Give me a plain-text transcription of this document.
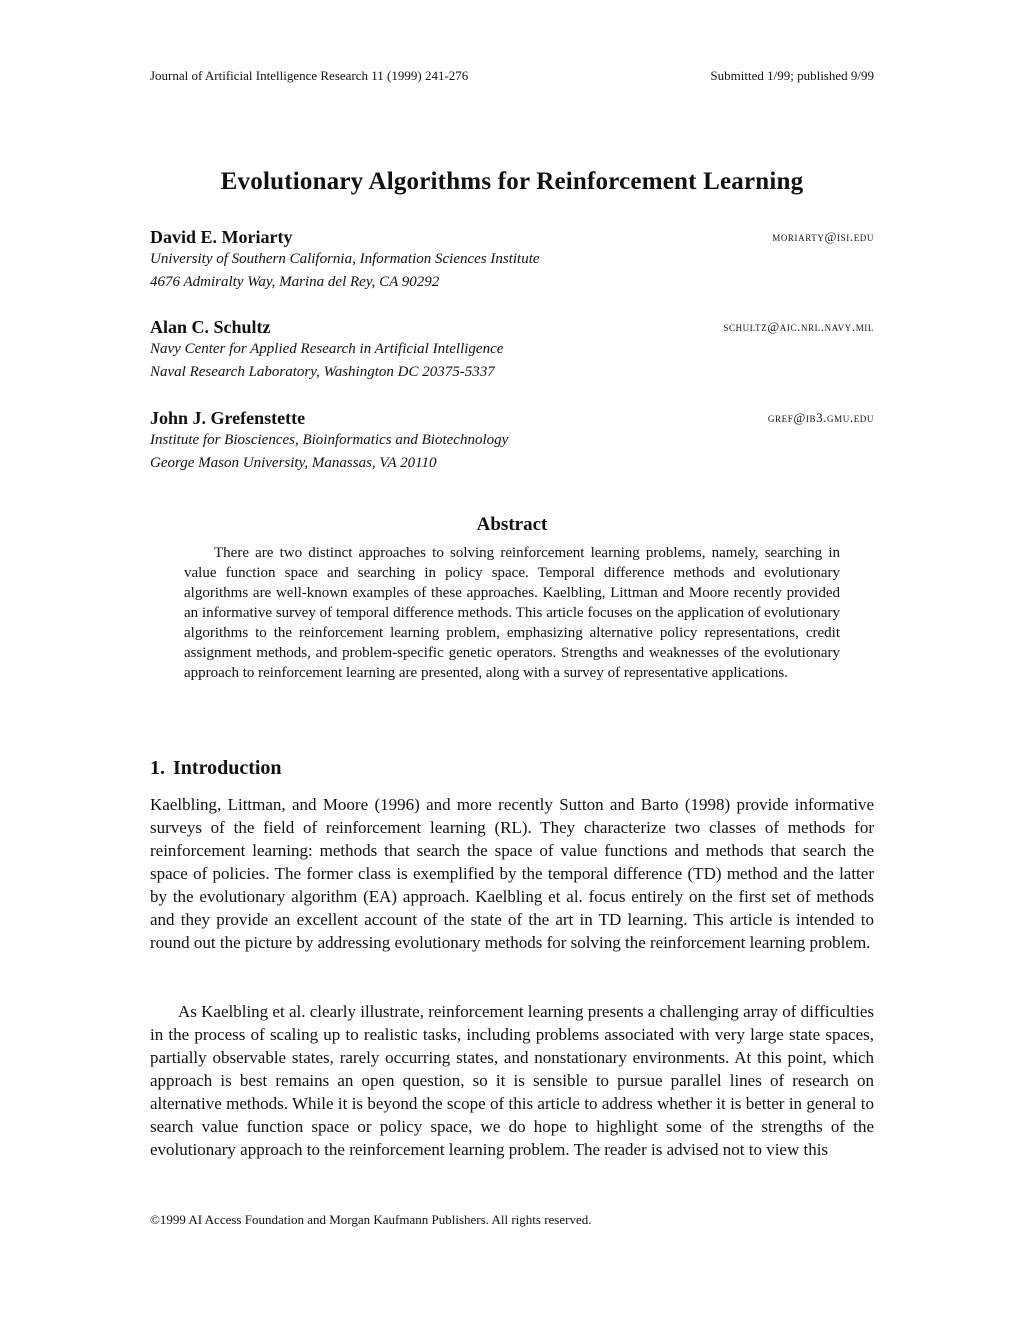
Journal of Artificial Intelligence Research 11 (1999) 241-276	Submitted 1/99; published 9/99
Evolutionary Algorithms for Reinforcement Learning
David E. Moriarty	moriarty@isi.edu
University of Southern California, Information Sciences Institute
4676 Admiralty Way, Marina del Rey, CA 90292
Alan C. Schultz	schultz@aic.nrl.navy.mil
Navy Center for Applied Research in Artificial Intelligence
Naval Research Laboratory, Washington DC 20375-5337
John J. Grefenstette	gref@ib3.gmu.edu
Institute for Biosciences, Bioinformatics and Biotechnology
George Mason University, Manassas, VA 20110
Abstract
There are two distinct approaches to solving reinforcement learning problems, namely, searching in value function space and searching in policy space. Temporal difference methods and evolutionary algorithms are well-known examples of these approaches. Kaelbling, Littman and Moore recently provided an informative survey of temporal difference methods. This article focuses on the application of evolutionary algorithms to the reinforcement learning problem, emphasizing alternative policy representations, credit assignment methods, and problem-specific genetic operators. Strengths and weaknesses of the evolutionary approach to reinforcement learning are presented, along with a survey of representative applications.
1. Introduction
Kaelbling, Littman, and Moore (1996) and more recently Sutton and Barto (1998) provide informative surveys of the field of reinforcement learning (RL). They characterize two classes of methods for reinforcement learning: methods that search the space of value functions and methods that search the space of policies. The former class is exemplified by the temporal difference (TD) method and the latter by the evolutionary algorithm (EA) approach. Kaelbling et al. focus entirely on the first set of methods and they provide an excellent account of the state of the art in TD learning. This article is intended to round out the picture by addressing evolutionary methods for solving the reinforcement learning problem.
As Kaelbling et al. clearly illustrate, reinforcement learning presents a challenging array of difficulties in the process of scaling up to realistic tasks, including problems associated with very large state spaces, partially observable states, rarely occurring states, and nonstationary environments. At this point, which approach is best remains an open question, so it is sensible to pursue parallel lines of research on alternative methods. While it is beyond the scope of this article to address whether it is better in general to search value function space or policy space, we do hope to highlight some of the strengths of the evolutionary approach to the reinforcement learning problem. The reader is advised not to view this
©1999 AI Access Foundation and Morgan Kaufmann Publishers. All rights reserved.
